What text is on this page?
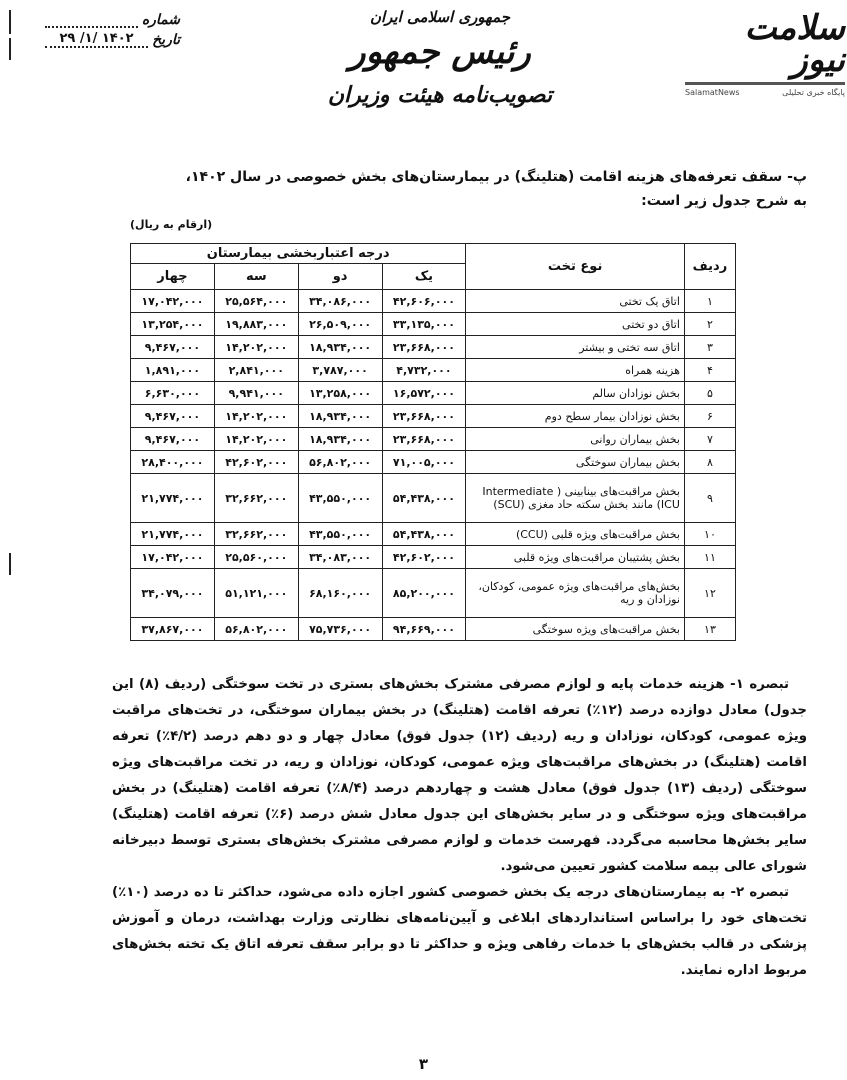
شماره
تاریخ
۱۴۰۲ /۱/ ۲۹
جمهوری اسلامی ایران
رئیس جمهور
تصویب‌نامه هیئت وزیران
سلامت نیوز
پایگاه خبری تحلیلی
SalamatNews
پ- سقف تعرفه‌های هزینه اقامت (هتلینگ) در بیمارستان‌های بخش خصوصی در سال ۱۴۰۲،
به شرح جدول زیر است:
(ارقام به ریال)
ردیف	نوع تخت	درجه اعتباربخشی بیمارستان			
		یک	دو	سه	چهار
۱	اتاق یک تختی	۴۲,۶۰۶,۰۰۰	۳۴,۰۸۶,۰۰۰	۲۵,۵۶۴,۰۰۰	۱۷,۰۴۲,۰۰۰
۲	اتاق دو تختی	۳۳,۱۳۵,۰۰۰	۲۶,۵۰۹,۰۰۰	۱۹,۸۸۳,۰۰۰	۱۳,۲۵۴,۰۰۰
۳	اتاق سه تختی و بیشتر	۲۳,۶۶۸,۰۰۰	۱۸,۹۳۴,۰۰۰	۱۴,۲۰۲,۰۰۰	۹,۴۶۷,۰۰۰
۴	هزینه همراه	۴,۷۳۲,۰۰۰	۳,۷۸۷,۰۰۰	۲,۸۴۱,۰۰۰	۱,۸۹۱,۰۰۰
۵	بخش نوزادان سالم	۱۶,۵۷۲,۰۰۰	۱۳,۲۵۸,۰۰۰	۹,۹۴۱,۰۰۰	۶,۶۳۰,۰۰۰
۶	بخش نوزادان بیمار سطح دوم	۲۳,۶۶۸,۰۰۰	۱۸,۹۳۴,۰۰۰	۱۴,۲۰۲,۰۰۰	۹,۴۶۷,۰۰۰
۷	بخش بیماران روانی	۲۳,۶۶۸,۰۰۰	۱۸,۹۳۴,۰۰۰	۱۴,۲۰۲,۰۰۰	۹,۴۶۷,۰۰۰
۸	بخش بیماران سوختگی	۷۱,۰۰۵,۰۰۰	۵۶,۸۰۲,۰۰۰	۴۲,۶۰۲,۰۰۰	۲۸,۴۰۰,۰۰۰
۹	بخش مراقبت‌های بینابینی ( Intermediate ICU) مانند بخش سکته حاد مغزی (SCU)	۵۴,۴۳۸,۰۰۰	۴۳,۵۵۰,۰۰۰	۳۲,۶۶۲,۰۰۰	۲۱,۷۷۴,۰۰۰
۱۰	بخش مراقبت‌های ویژه قلبی (CCU)	۵۴,۴۳۸,۰۰۰	۴۳,۵۵۰,۰۰۰	۳۲,۶۶۲,۰۰۰	۲۱,۷۷۴,۰۰۰
۱۱	بخش پشتیبان مراقبت‌های ویژه قلبی	۴۲,۶۰۲,۰۰۰	۳۴,۰۸۳,۰۰۰	۲۵,۵۶۰,۰۰۰	۱۷,۰۴۲,۰۰۰
۱۲	بخش‌های مراقبت‌های ویژه عمومی، کودکان، نوزادان و ریه	۸۵,۲۰۰,۰۰۰	۶۸,۱۶۰,۰۰۰	۵۱,۱۲۱,۰۰۰	۳۴,۰۷۹,۰۰۰
۱۳	بخش مراقبت‌های ویژه سوختگی	۹۴,۶۶۹,۰۰۰	۷۵,۷۳۶,۰۰۰	۵۶,۸۰۲,۰۰۰	۳۷,۸۶۷,۰۰۰

تبصره ۱- هزینه خدمات پایه و لوازم مصرفی مشترک بخش‌های بستری در تخت سوختگی (ردیف (۸) این جدول) معادل دوازده درصد (۱۲٪) تعرفه اقامت (هتلینگ) در بخش بیماران سوختگی، در تخت‌های مراقبت ویژه عمومی، کودکان، نوزادان و ریه (ردیف (۱۲) جدول فوق) معادل چهار و دو دهم درصد (۴/۲٪) تعرفه اقامت (هتلینگ) در بخش‌های مراقبت‌های ویژه عمومی، کودکان، نوزادان و ریه، در تخت مراقبت‌های ویژه سوختگی (ردیف (۱۳) جدول فوق) معادل هشت و چهاردهم درصد (۸/۴٪) تعرفه اقامت (هتلینگ) در بخش مراقبت‌های ویژه سوختگی و در سایر بخش‌های این جدول معادل شش درصد (۶٪) تعرفه اقامت (هتلینگ) سایر بخش‌ها محاسبه می‌گردد. فهرست خدمات و لوازم مصرفی مشترک بخش‌های بستری توسط دبیرخانه شورای عالی بیمه سلامت کشور تعیین می‌شود.

تبصره ۲- به بیمارستان‌های درجه یک بخش خصوصی کشور اجازه داده می‌شود، حداکثر تا ده درصد (۱۰٪) تخت‌های خود را براساس استانداردهای ابلاغی و آیین‌نامه‌های نظارتی وزارت بهداشت، درمان و آموزش پزشکی در قالب بخش‌های با خدمات رفاهی ویژه و حداکثر تا دو برابر سقف تعرفه اتاق یک تخته بخش‌های مربوط اداره نمایند.

۳
